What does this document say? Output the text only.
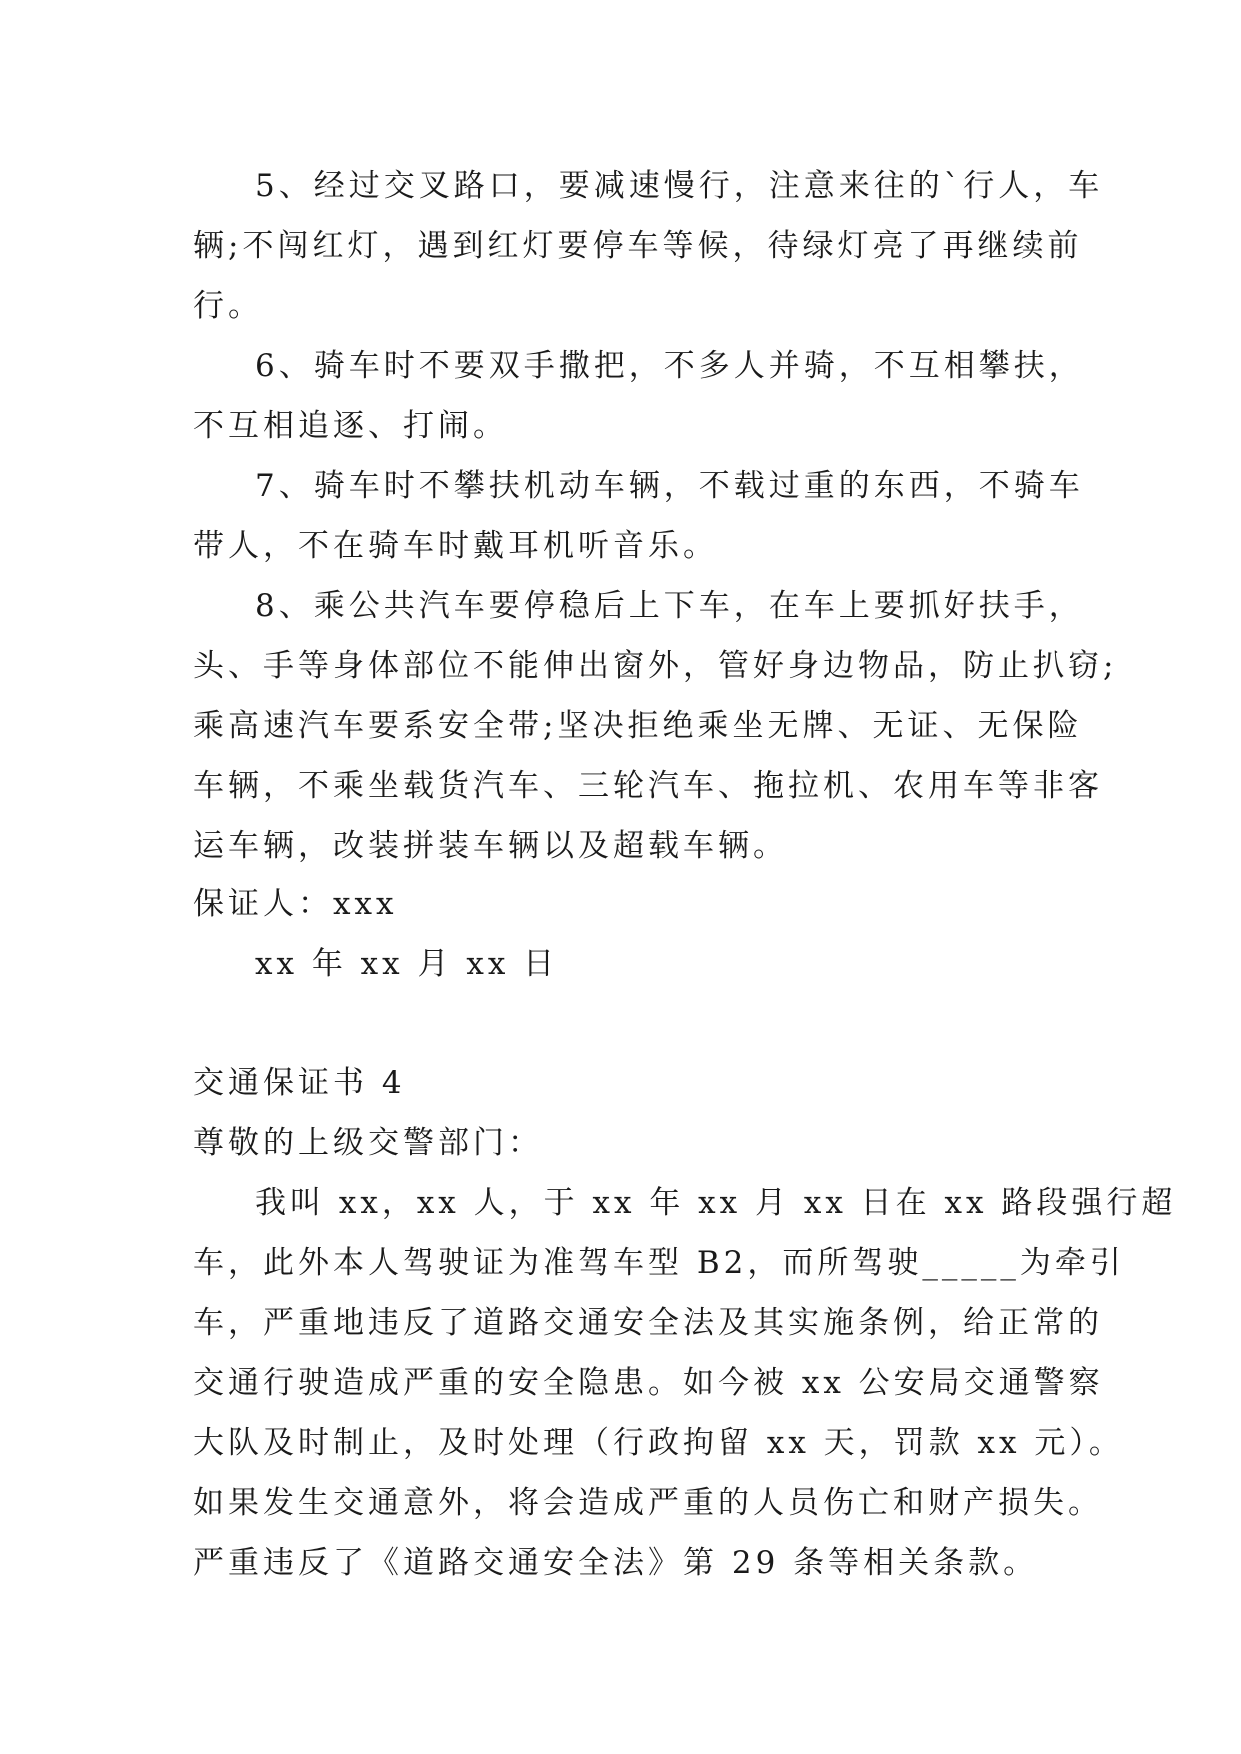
5、经过交叉路口，要减速慢行，注意来往的`行人，车
辆;不闯红灯，遇到红灯要停车等候，待绿灯亮了再继续前
行。
6、骑车时不要双手撒把，不多人并骑，不互相攀扶，
不互相追逐、打闹。
7、骑车时不攀扶机动车辆，不载过重的东西，不骑车
带人，不在骑车时戴耳机听音乐。
8、乘公共汽车要停稳后上下车，在车上要抓好扶手，
头、手等身体部位不能伸出窗外，管好身边物品，防止扒窃;
乘高速汽车要系安全带;坚决拒绝乘坐无牌、无证、无保险
车辆，不乘坐载货汽车、三轮汽车、拖拉机、农用车等非客
运车辆，改装拼装车辆以及超载车辆。
保证人：xxx
xx 年 xx 月 xx 日
交通保证书 4
尊敬的上级交警部门：
我叫 xx，xx 人，于 xx 年 xx 月 xx 日在 xx 路段强行超
车，此外本人驾驶证为准驾车型 B2，而所驾驶_____为牵引
车，严重地违反了道路交通安全法及其实施条例，给正常的
交通行驶造成严重的安全隐患。如今被 xx 公安局交通警察
大队及时制止，及时处理（行政拘留 xx 天，罚款 xx 元）。
如果发生交通意外，将会造成严重的人员伤亡和财产损失。
严重违反了《道路交通安全法》第 29 条等相关条款。
